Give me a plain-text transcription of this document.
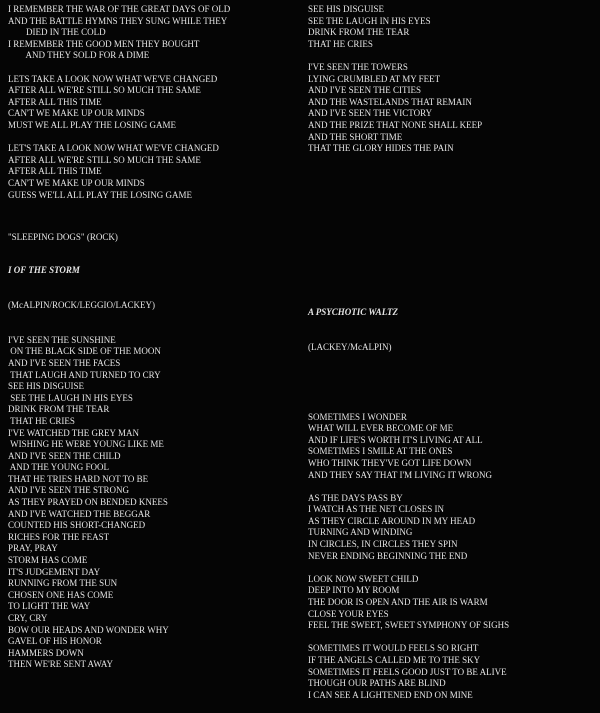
I REMEMBER THE WAR OF THE GREAT DAYS OF OLD
AND THE BATTLE HYMNS THEY SUNG WHILE THEY
DIED IN THE COLD
I REMEMBER THE GOOD MEN THEY BOUGHT
AND THEY SOLD FOR A DIME
LETS TAKE A LOOK NOW WHAT WE'VE CHANGED
AFTER ALL WE'RE STILL SO MUCH THE SAME
AFTER ALL THIS TIME
CAN'T WE MAKE UP OUR MINDS
MUST WE ALL PLAY THE LOSING GAME
LET'S TAKE A LOOK NOW WHAT WE'VE CHANGED
AFTER ALL WE'RE STILL SO MUCH THE SAME
AFTER ALL THIS TIME
CAN'T WE MAKE UP OUR MINDS
GUESS WE'LL ALL PLAY THE LOSING GAME

"SLEEPING DOGS" (ROCK)

I OF THE STORM

(McALPIN/ROCK/LEGGIO/LACKEY)

I'VE SEEN THE SUNSHINE
ON THE BLACK SIDE OF THE MOON
AND I'VE SEEN THE FACES
THAT LAUGH AND TURNED TO CRY
SEE HIS DISGUISE
SEE THE LAUGH IN HIS EYES
DRINK FROM THE TEAR
THAT HE CRIES
I'VE WATCHED THE GREY MAN
WISHING HE WERE YOUNG LIKE ME
AND I'VE SEEN THE CHILD
AND THE YOUNG FOOL
THAT HE TRIES HARD NOT TO BE
AND I'VE SEEN THE STRONG
AS THEY PRAYED ON BENDED KNEES
AND I'VE WATCHED THE BEGGAR
COUNTED HIS SHORT-CHANGED
RICHES FOR THE FEAST
PRAY, PRAY
STORM HAS COME
IT'S JUDGEMENT DAY
RUNNING FROM THE SUN
CHOSEN ONE HAS COME
TO LIGHT THE WAY
CRY, CRY
BOW OUR HEADS AND WONDER WHY
GAVEL OF HIS HONOR
HAMMERS DOWN
THEN WE'RE SENT AWAY

SEE HIS DISGUISE
SEE THE LAUGH IN HIS EYES
DRINK FROM THE TEAR
THAT HE CRIES
I'VE SEEN THE TOWERS
LYING CRUMBLED AT MY FEET
AND I'VE SEEN THE CITIES
AND THE WASTELANDS THAT REMAIN
AND I'VE SEEN THE VICTORY
AND THE PRIZE THAT NONE SHALL KEEP
AND THE SHORT TIME
THAT THE GLORY HIDES THE PAIN

A PSYCHOTIC WALTZ

(LACKEY/McALPIN)

SOMETIMES I WONDER
WHAT WILL EVER BECOME OF ME
AND IF LIFE'S WORTH IT'S LIVING AT ALL
SOMETIMES I SMILE AT THE ONES
WHO THINK THEY'VE GOT LIFE DOWN
AND THEY SAY THAT I'M LIVING IT WRONG
AS THE DAYS PASS BY
I WATCH AS THE NET CLOSES IN
AS THEY CIRCLE AROUND IN MY HEAD
TURNING AND WINDING
IN CIRCLES, IN CIRCLES THEY SPIN
NEVER ENDING BEGINNING THE END
LOOK NOW SWEET CHILD
DEEP INTO MY ROOM
THE DOOR IS OPEN AND THE AIR IS WARM
CLOSE YOUR EYES
FEEL THE SWEET, SWEET SYMPHONY OF SIGHS
SOMETIMES IT WOULD FEELS SO RIGHT
IF THE ANGELS CALLED ME TO THE SKY
SOMETIMES IT FEELS GOOD JUST TO BE ALIVE
THOUGH OUR PATHS ARE BLIND
I CAN SEE A LIGHTENED END ON MINE
